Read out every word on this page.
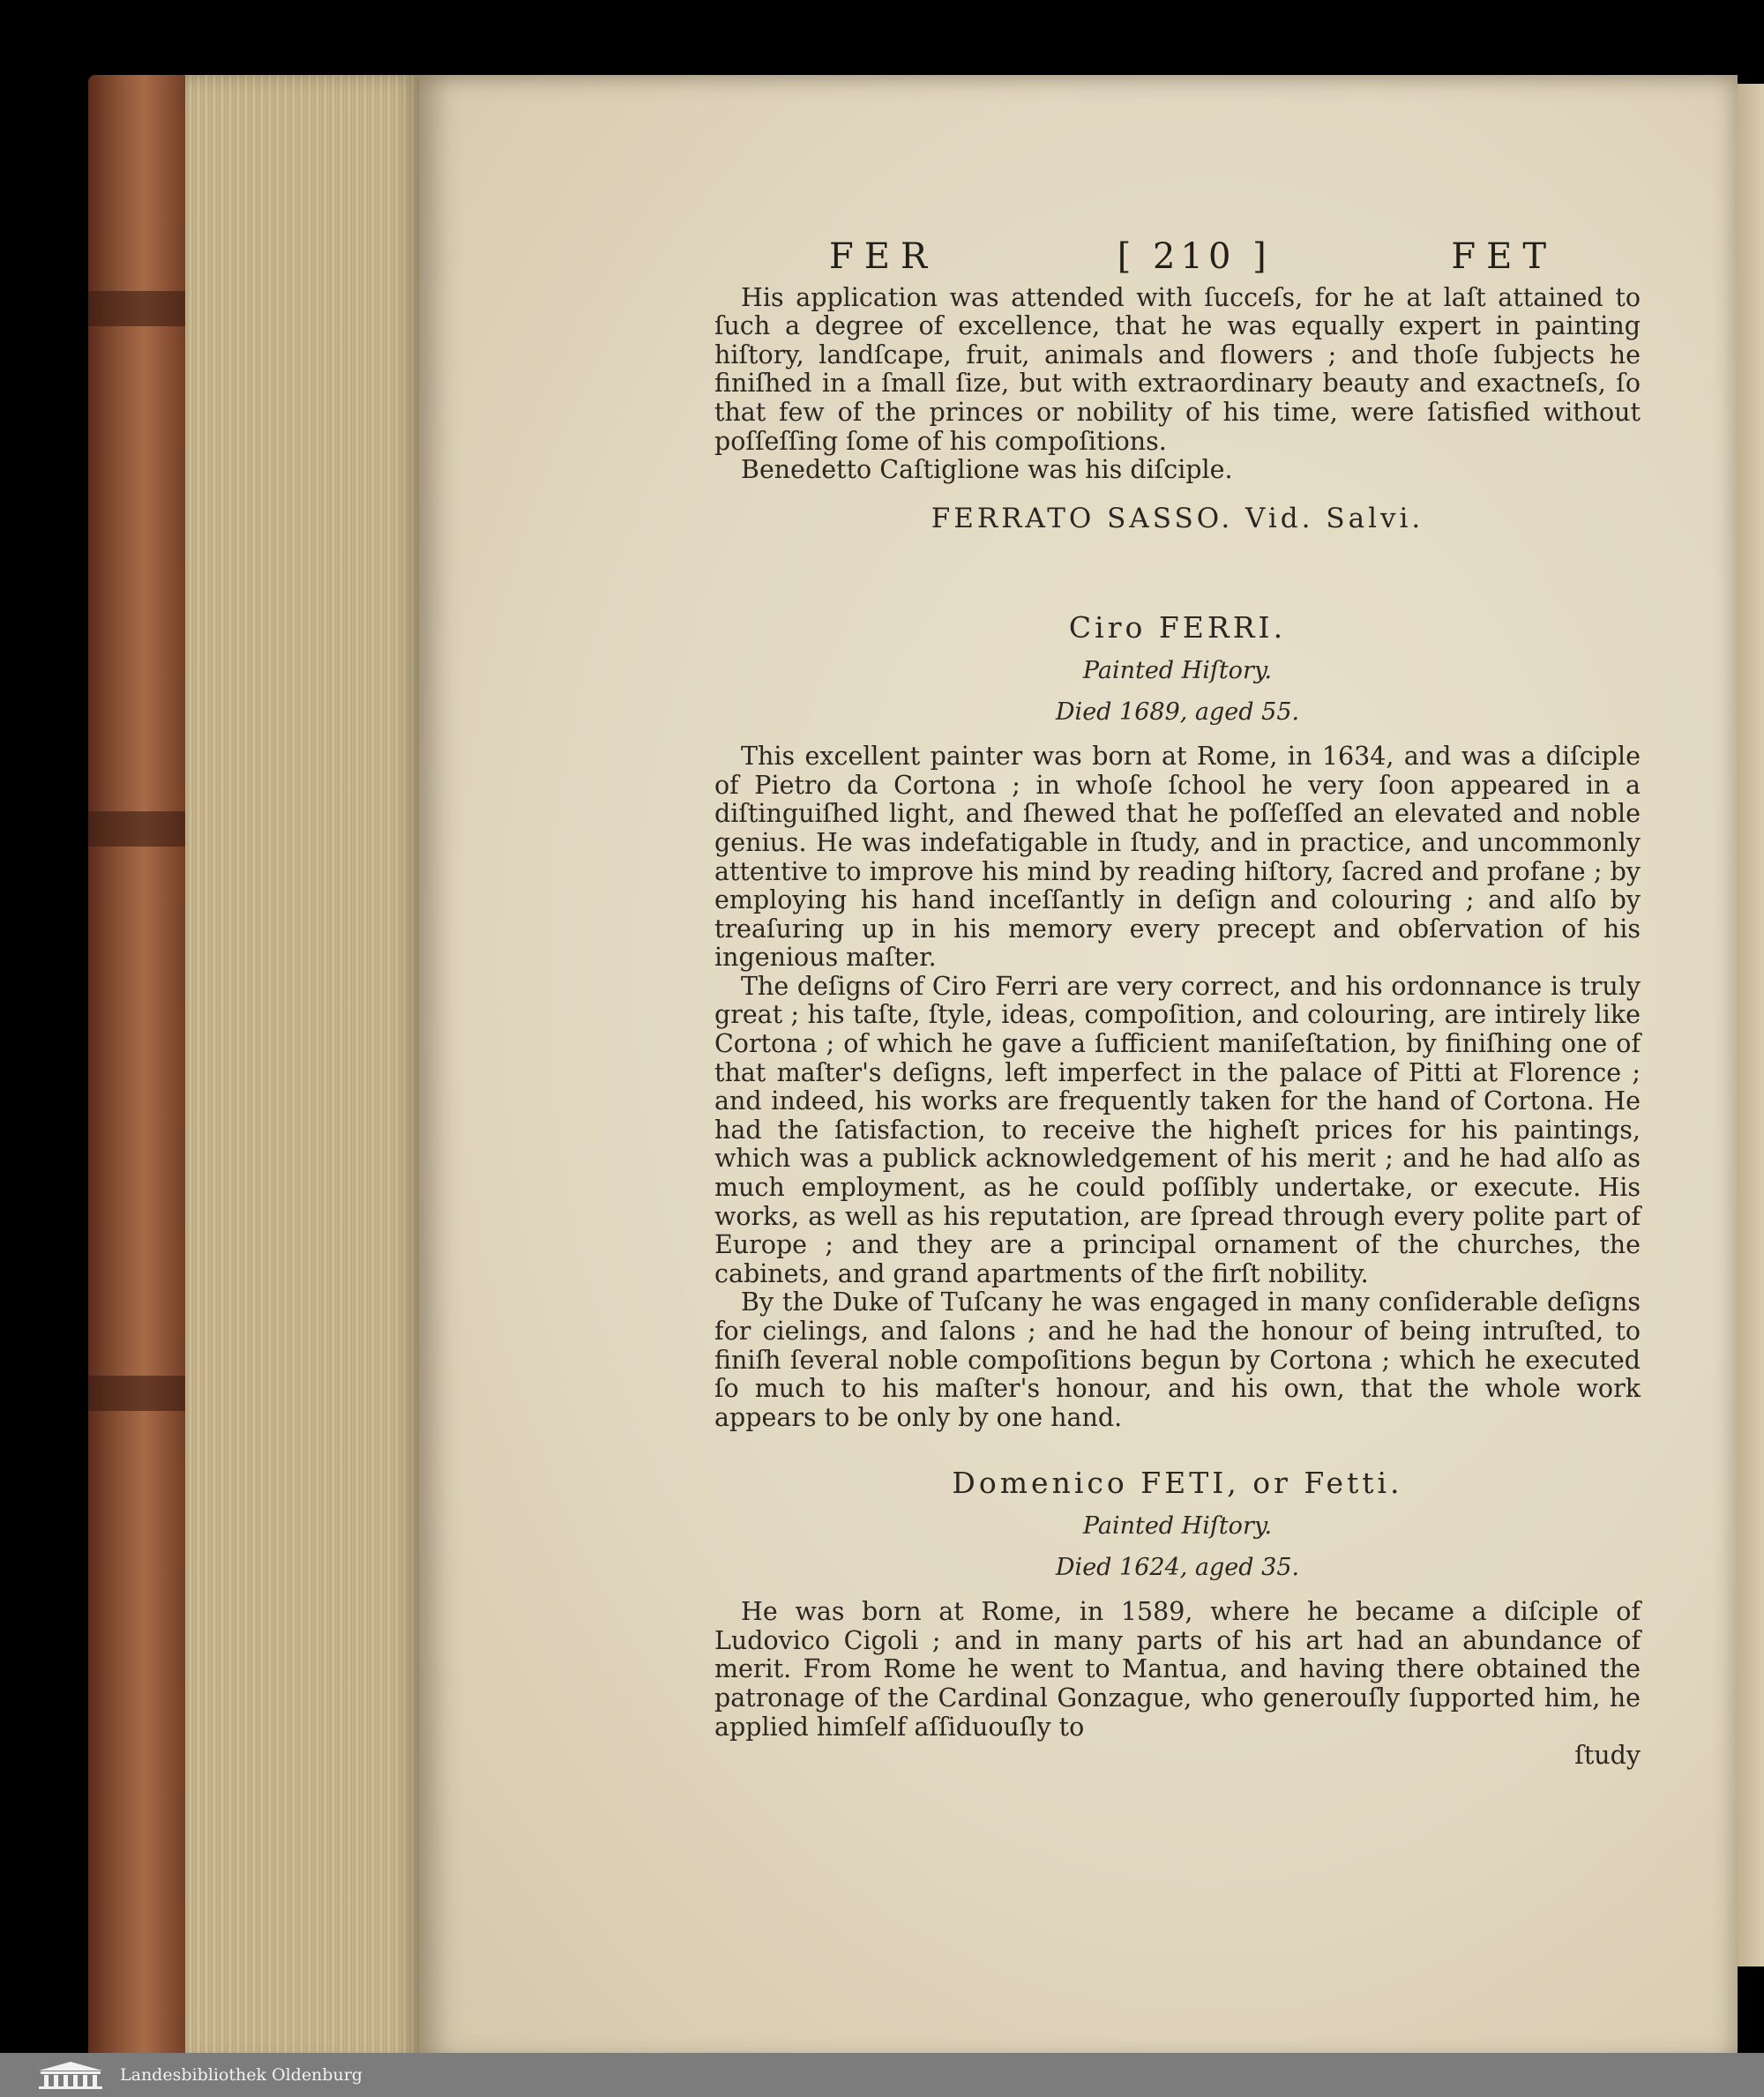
FER	[ 210 ]	FET

His application was attended with ſucceſs, for he at laſt attained to ſuch a degree of excellence, that he was equally expert in painting hiſtory, landſcape, fruit, animals and flowers ; and thoſe ſubjects he finiſhed in a ſmall ſize, but with extraordinary beauty and exactneſs, ſo that few of the princes or nobility of his time, were ſatisfied without poſſeſſing ſome of his compoſitions.

Benedetto Caſtiglione was his diſciple.

FERRATO SASSO. Vid. Salvi.
Ciro FERRI.
Painted Hiſtory.
Died 1689, aged 55.

This excellent painter was born at Rome, in 1634, and was a diſciple of Pietro da Cortona ; in whoſe ſchool he very ſoon appeared in a diſtinguiſhed light, and ſhewed that he poſſeſſed an elevated and noble genius. He was indefatigable in ſtudy, and in practice, and uncommonly attentive to improve his mind by reading hiſtory, ſacred and profane ; by employing his hand inceſſantly in deſign and colouring ; and alſo by treaſuring up in his memory every precept and obſervation of his ingenious maſter.

The deſigns of Ciro Ferri are very correct, and his ordonnance is truly great ; his taſte, ſtyle, ideas, compoſition, and colouring, are intirely like Cortona ; of which he gave a ſufficient maniſeſtation, by finiſhing one of that maſter's deſigns, left imperfect in the palace of Pitti at Florence ; and indeed, his works are frequently taken for the hand of Cortona. He had the ſatisfaction, to receive the higheſt prices for his paintings, which was a publick acknowledgement of his merit ; and he had alſo as much employment, as he could poſſibly undertake, or execute. His works, as well as his reputation, are ſpread through every polite part of Europe ; and they are a principal ornament of the churches, the cabinets, and grand apartments of the firſt nobility.

By the Duke of Tuſcany he was engaged in many conſiderable deſigns for cielings, and ſalons ; and he had the honour of being intruſted, to finiſh ſeveral noble compoſitions begun by Cortona ; which he executed ſo much to his maſter's honour, and his own, that the whole work appears to be only by one hand.

Domenico FETI, or Fetti.
Painted Hiſtory.
Died 1624, aged 35.

He was born at Rome, in 1589, where he became a diſciple of Ludovico Cigoli ; and in many parts of his art had an abundance of merit. From Rome he went to Mantua, and having there obtained the patronage of the Cardinal Gonzague, who generouſly ſupported him, he applied himſelf aſſiduouſly to

ſtudy
Landesbibliothek Oldenburg
